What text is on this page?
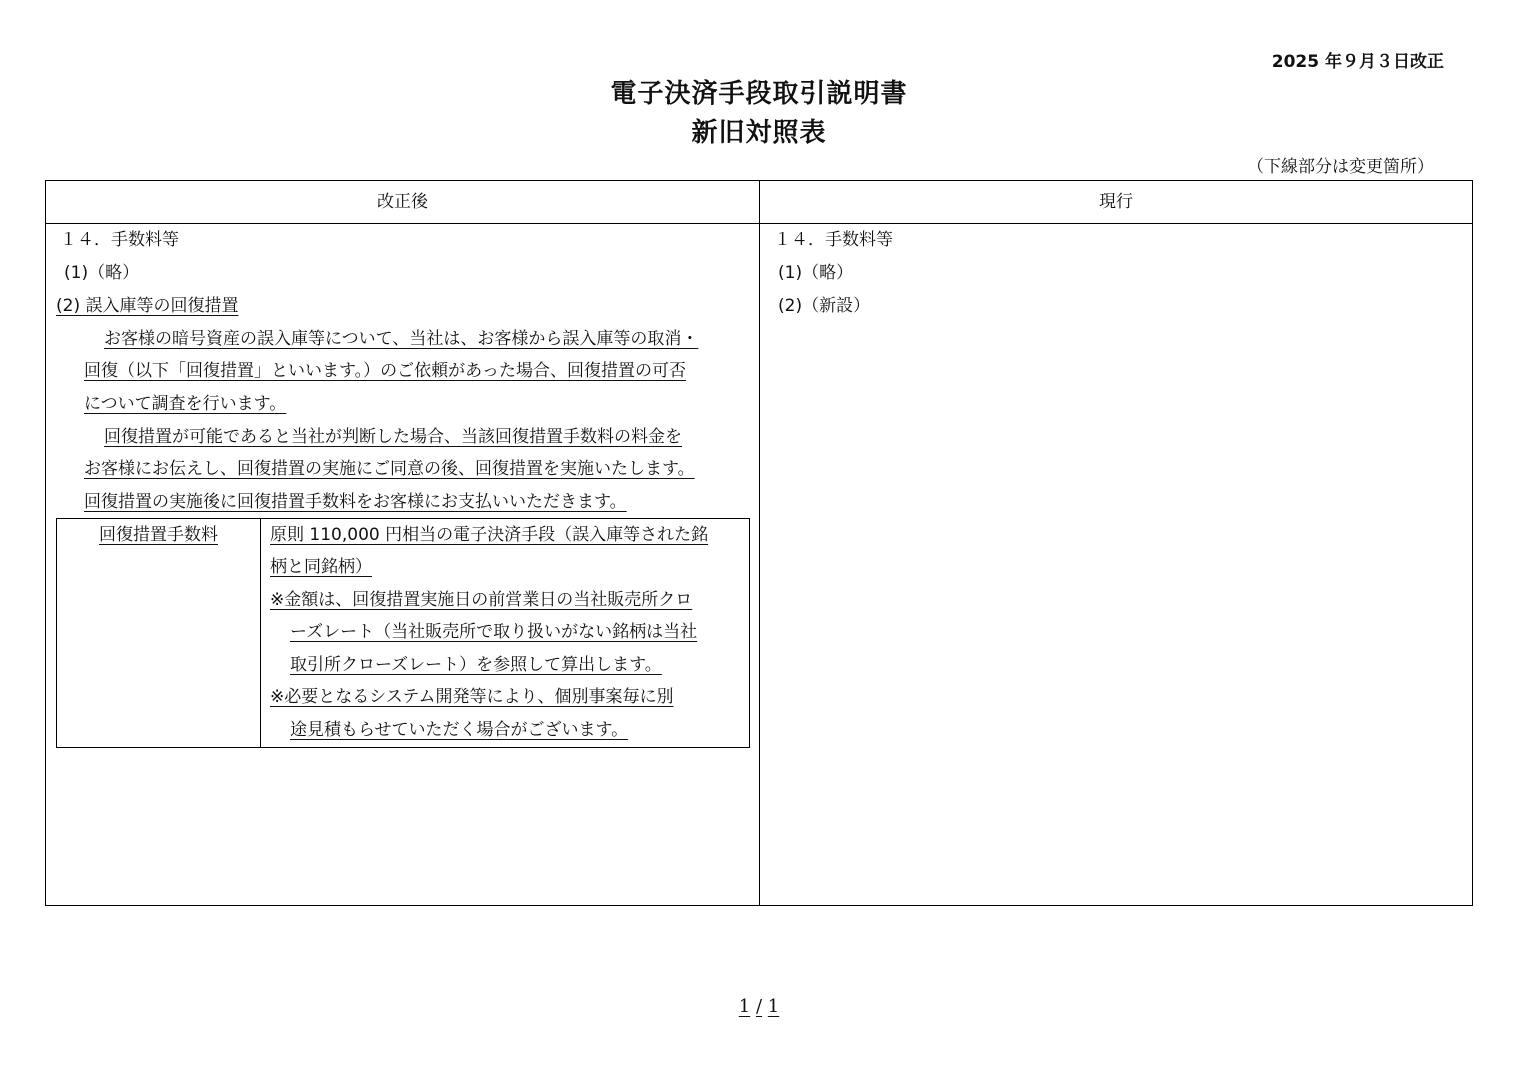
2025 年９月３日改正
電子決済手段取引説明書
新旧対照表
（下線部分は変更箇所）
改正後	現行
１４．手数料等
(1)（略）
(2) 誤入庫等の回復措置
お客様の暗号資産の誤入庫等について、当社は、お客様から誤入庫等の取消・
回復（以下「回復措置」といいます。）のご依頼があった場合、回復措置の可否
について調査を行います。
回復措置が可能であると当社が判断した場合、当該回復措置手数料の料金を
お客様にお伝えし、回復措置の実施にご同意の後、回復措置を実施いたします。
回復措置の実施後に回復措置手数料をお客様にお支払いいただきます。
回復措置手数料	原則 110,000 円相当の電子決済手段（誤入庫等された銘
柄と同銘柄）
※金額は、回復措置実施日の前営業日の当社販売所クロ
ーズレート（当社販売所で取り扱いがない銘柄は当社
取引所クローズレート）を参照して算出します。
※必要となるシステム開発等により、個別事案毎に別
途見積もらせていただく場合がございます。
１４．手数料等
(1)（略）
(2)（新設）
1 / 1
